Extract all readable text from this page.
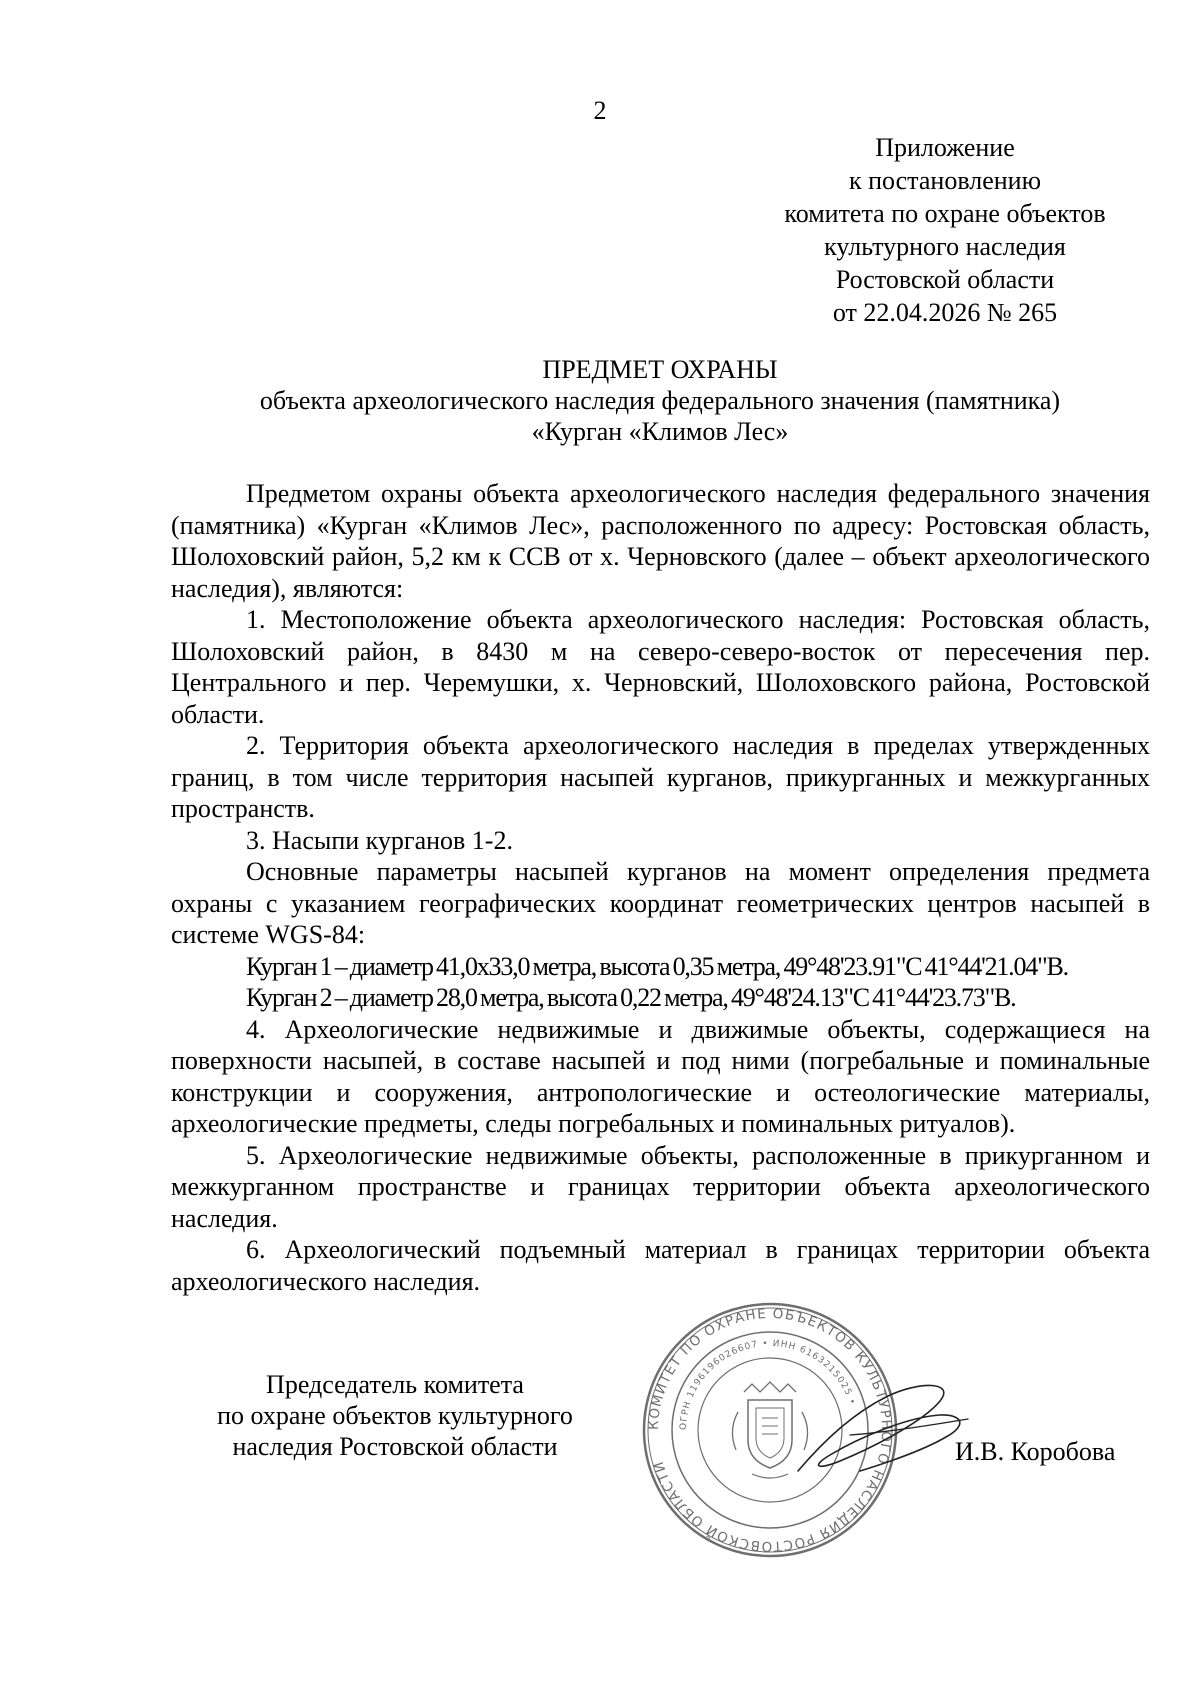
2
Приложение
к постановлению
комитета по охране объектов
культурного наследия
Ростовской области
от 22.04.2026 № 265
ПРЕДМЕТ ОХРАНЫ
объекта археологического наследия федерального значения (памятника)
«Курган «Климов Лес»

Предметом охраны объекта археологического наследия федерального значения (памятника) «Курган «Климов Лес», расположенного по адресу: Ростовская область, Шолоховский район, 5,2 км к ССВ от х. Черновского (далее – объект археологического наследия), являются:

1. Местоположение объекта археологического наследия: Ростовская область, Шолоховский район, в 8430 м на северо-северо-восток от пересечения пер. Центрального и пер. Черемушки, х. Черновский, Шолоховского района, Ростовской области.

2. Территория объекта археологического наследия в пределах утвержденных границ, в том числе территория насыпей курганов, прикурганных и межкурганных пространств.

3. Насыпи курганов 1-2.

Основные параметры насыпей курганов на момент определения предмета охраны с указанием географических координат геометрических центров насыпей в системе WGS-84:

Курган 1 – диаметр 41,0х33,0 метра, высота 0,35 метра, 49°48'23.91"С 41°44'21.04"В.

Курган 2 – диаметр 28,0 метра, высота 0,22 метра, 49°48'24.13"С 41°44'23.73"В.

4. Археологические недвижимые и движимые объекты, содержащиеся на поверхности насыпей, в составе насыпей и под ними (погребальные и поминальные конструкции и сооружения, антропологические и остеологические материалы, археологические предметы, следы погребальных и поминальных ритуалов).

5. Археологические недвижимые объекты, расположенные в прикурганном и межкурганном пространстве и границах территории объекта археологического наследия.

6. Археологический подъемный материал в границах территории объекта археологического наследия.

Председатель комитета
по охране объектов культурного
наследия Ростовской области
КОМИТЕТ ПО ОХРАНЕ ОБЪЕКТОВ КУЛЬТУРНОГО НАСЛЕДИЯ РОСТОВСКОЙ ОБЛАСТИ
ОГРН 1196196026607 • ИНН 6163215025 •
И.В. Коробова
